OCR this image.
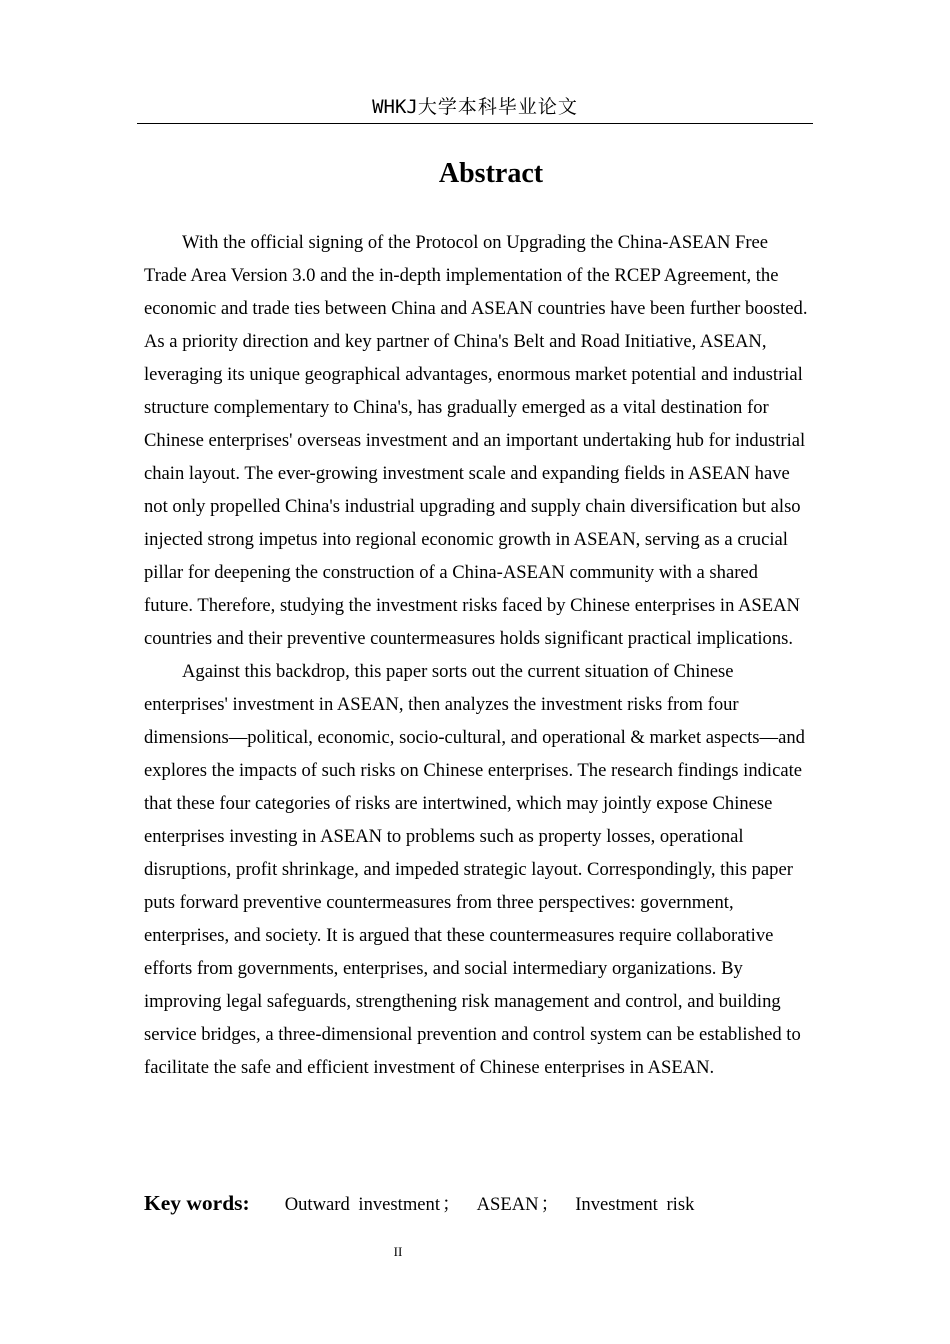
WHKJ大学本科毕业论文
Abstract

With the official signing of the Protocol on Upgrading the China-ASEAN Free Trade Area Version 3.0 and the in-depth implementation of the RCEP Agreement, the economic and trade ties between China and ASEAN countries have been further boosted. As a priority direction and key partner of China's Belt and Road Initiative, ASEAN, leveraging its unique geographical advantages, enormous market potential and industrial structure complementary to China's, has gradually emerged as a vital destination for Chinese enterprises' overseas investment and an important undertaking hub for industrial chain layout. The ever-growing investment scale and expanding fields in ASEAN have not only propelled China's industrial upgrading and supply chain diversification but also injected strong impetus into regional economic growth in ASEAN, serving as a crucial pillar for deepening the construction of a China-ASEAN community with a shared future. Therefore, studying the investment risks faced by Chinese enterprises in ASEAN countries and their preventive countermeasures holds significant practical implications.

Against this backdrop, this paper sorts out the current situation of Chinese enterprises' investment in ASEAN, then analyzes the investment risks from four dimensions—political, economic, socio-cultural, and operational & market aspects—and explores the impacts of such risks on Chinese enterprises. The research findings indicate that these four categories of risks are intertwined, which may jointly expose Chinese enterprises investing in ASEAN to problems such as property losses, operational disruptions, profit shrinkage, and impeded strategic layout. Correspondingly, this paper puts forward preventive countermeasures from three perspectives: government, enterprises, and society. It is argued that these countermeasures require collaborative efforts from governments, enterprises, and social intermediary organizations. By improving legal safeguards, strengthening risk management and control, and building service bridges, a three-dimensional prevention and control system can be established to facilitate the safe and efficient investment of Chinese enterprises in ASEAN.

Key words: Outward investment ； ASEAN ； Investment risk
II
